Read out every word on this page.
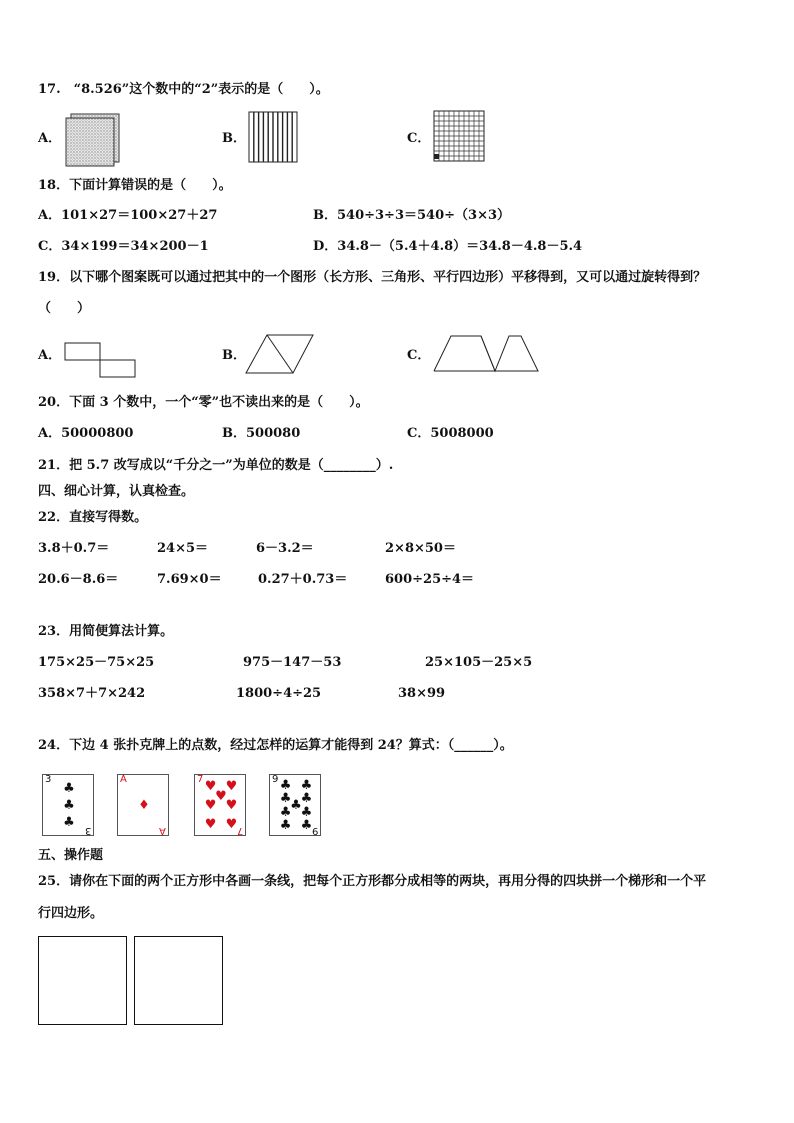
17.　“8.526”这个数中的“2”表示的是（　　）。
A．	B．	C．
18．下面计算错误的是（　　）。
A．101×27＝100×27＋27	B．540÷3÷3＝540÷（3×3）
C．34×199＝34×200－1	D．34.8－（5.4＋4.8）＝34.8－4.8－5.4
19．以下哪个图案既可以通过把其中的一个图形（长方形、三角形、平行四边形）平移得到，又可以通过旋转得到？
（　　）
A．	B．	C．
20．下面 3 个数中，一个“零”也不读出来的是（　　）。
A．50000800	B．500080	C．5008000
21．把 5.7 改写成以“千分之一”为单位的数是（________）.
四、细心计算，认真检查。
22．直接写得数。
3.8＋0.7＝	24×5＝	6－3.2＝	2×8×50＝
20.6－8.6＝	7.69×0＝	0.27＋0.73＝	600÷25÷4＝
23．用简便算法计算。
175×25－75×25	975－147－53	25×105－25×5
358×7＋7×242	1800÷4÷25	38×99
24．下边 4 张扑克牌上的点数，经过怎样的运算才能得到 24？算式：（______）。
3
3
♣
♣
♣
A
A
♦
7
7
♥ ♥
♥
♥ ♥
♥ ♥
9
9
♣ ♣
♣ ♣
♣
♣ ♣
♣ ♣
五、操作题
25．请你在下面的两个正方形中各画一条线，把每个正方形都分成相等的两块，再用分得的四块拼一个梯形和一个平
行四边形。
